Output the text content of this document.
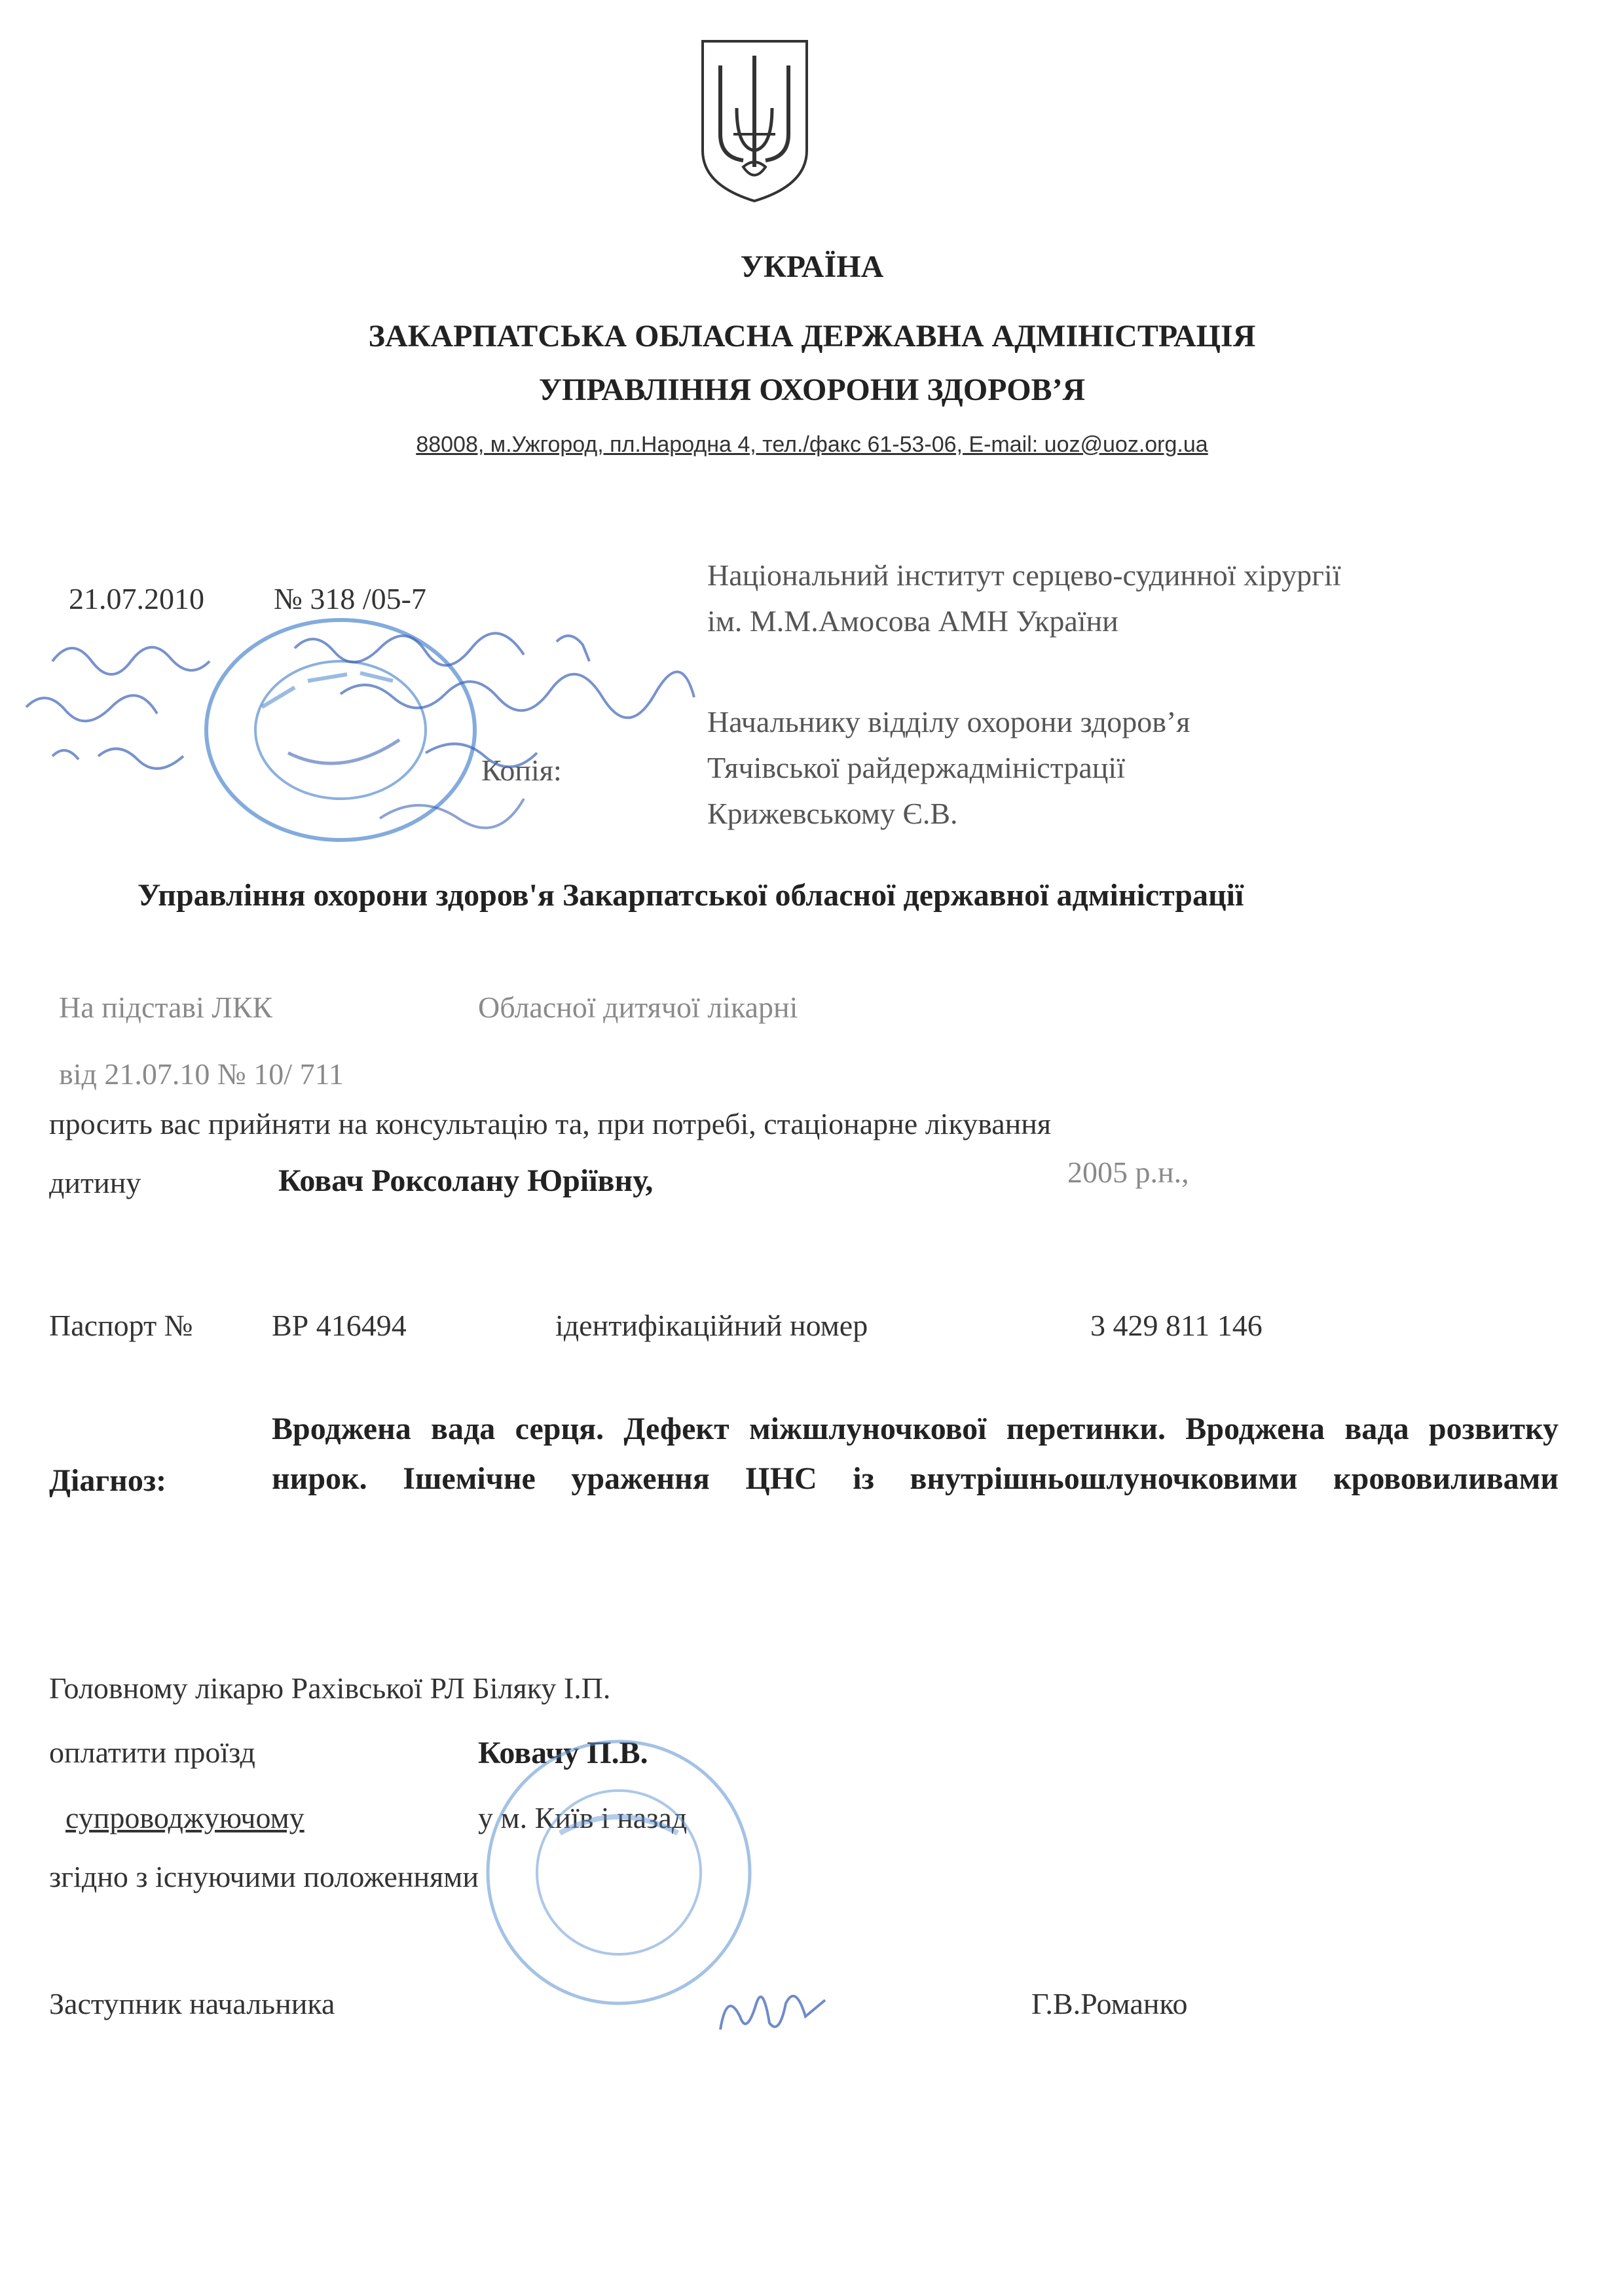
УКРАЇНА
ЗАКАРПАТСЬКА ОБЛАСНА ДЕРЖАВНА АДМІНІСТРАЦІЯ
УПРАВЛІННЯ ОХОРОНИ ЗДОРОВ’Я
88008, м.Ужгород, пл.Народна 4, тел./факс 61-53-06, E-mail: uoz@uoz.org.ua
21.07.2010 № 318 /05-7
Національний інститут серцево-судинної хірургії
ім. М.М.Амосова АМН України
Копія:
Начальнику відділу охорони здоров’я
Тячівської райдержадміністрації
Крижевському Є.В.
Управління охорони здоров'я Закарпатської обласної державної адміністрації
На підставі ЛКК	Обласної дитячої лікарні
від 21.07.10 № 10/ 711
просить вас прийняти на консультацію та, при потребі, стаціонарне лікування
дитину	Ковач Роксолану Юріївну,	2005 р.н.,
Паспорт №	ВР 416494	ідентифікаційний номер	3 429 811 146
Діагноз:
Вроджена вада серця. Дефект міжшлуночкової перетинки. Вроджена вада розвитку нирок. Ішемічне ураження ЦНС із внутрішньошлуночковими крововиливами
Головному лікарю Рахівської РЛ Біляку І.П.
оплатити проїзд	Ковачу П.В.
супроводжуючому	у м. Київ і назад
згідно з існуючими положеннями
Заступник начальника	Г.В.Романко
